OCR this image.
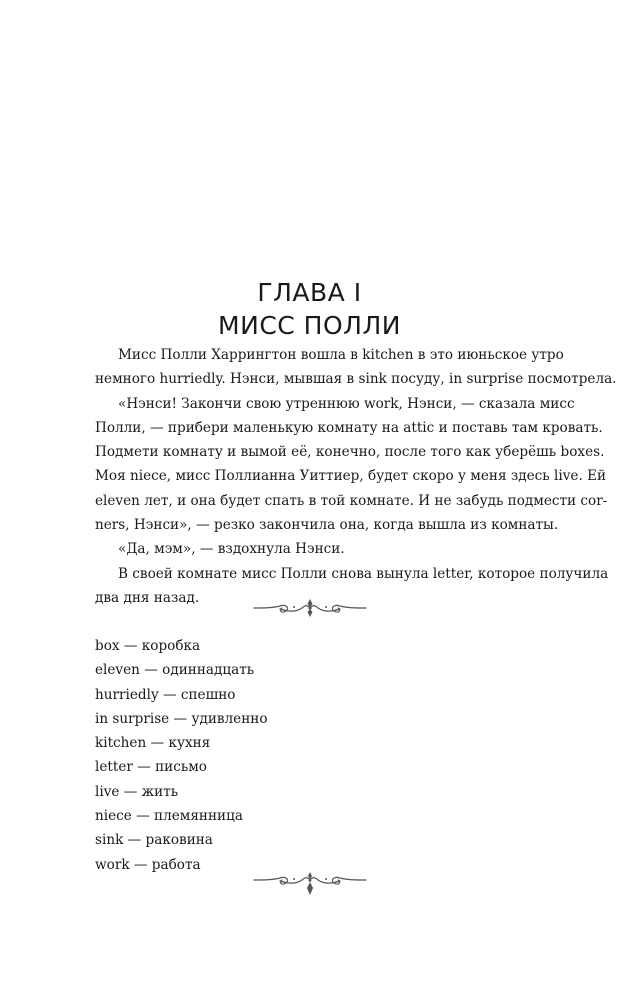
ГЛАВА I
МИСС ПОЛЛИ

Мисс Полли Харрингтон вошла в kitchen в это июньское утро

немного hurriedly. Нэнси, мывшая в sink посуду, in surprise посмотрела.

«Нэнси! Закончи свою утреннюю work, Нэнси, — сказала мисс

Полли, — прибери маленькую комнату на attic и поставь там кровать.

Подмети комнату и вымой её, конечно, после того как уберёшь boxes.

Моя niece, мисс Поллианна Уиттиер, будет скоро у меня здесь live. Ей

eleven лет, и она будет спать в той комнате. И не забудь подмести cor-

ners, Нэнси», — резко закончила она, когда вышла из комнаты.

«Да, мэм», — вздохнула Нэнси.

В своей комнате мисс Полли снова вынула letter, которое получила

два дня назад.

box — коробка
eleven — одиннадцать
hurriedly — спешно
in surprise — удивленно
kitchen — кухня
letter — письмо
live — жить
niece — племянница
sink — раковина
work — работа
